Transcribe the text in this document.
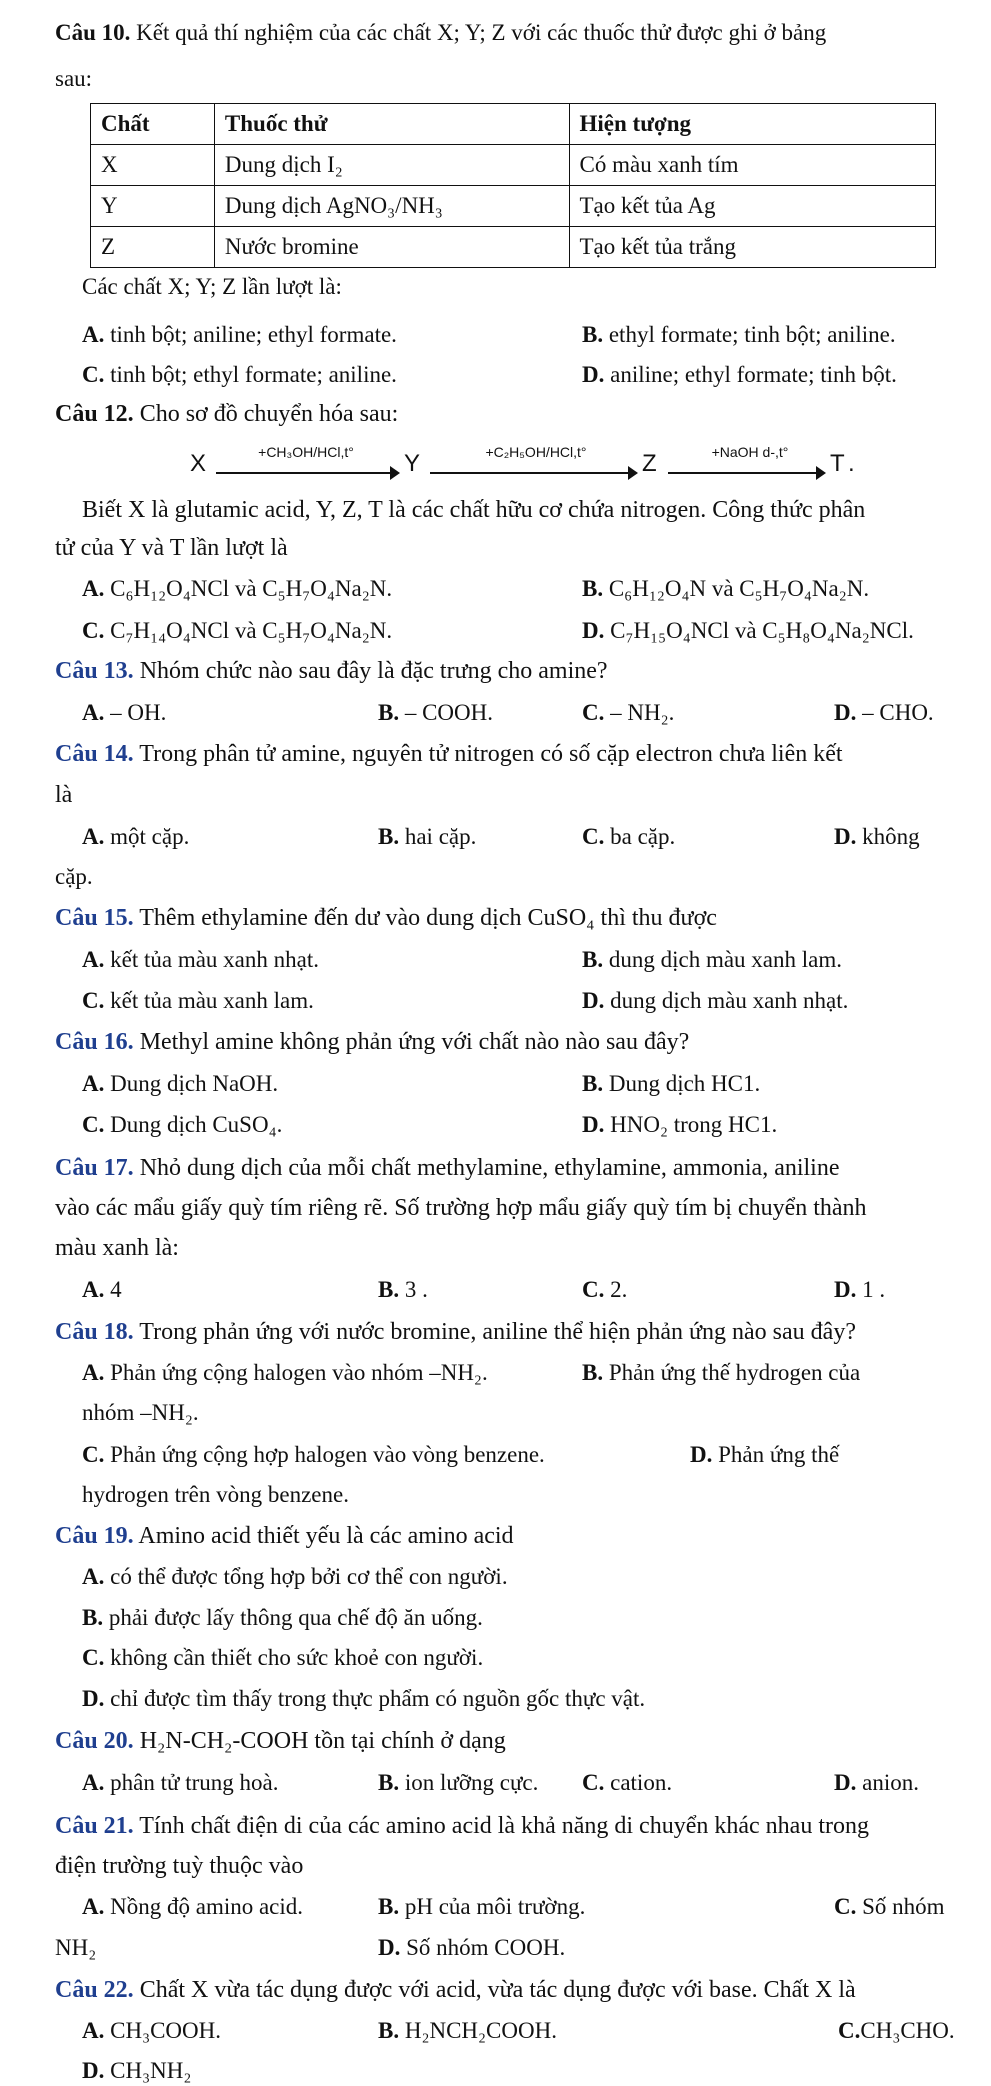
Câu 10. Kết quả thí nghiệm của các chất X; Y; Z với các thuốc thử được ghi ở bảng
sau:
Chất	Thuốc thử	Hiện tượng
X	Dung dịch I₂	Có màu xanh tím
Y	Dung dịch AgNO₃/NH₃	Tạo kết tủa Ag
Z	Nước bromine	Tạo kết tủa trắng
Các chất X; Y; Z lần lượt là:
A. tinh bột; aniline; ethyl formate.	B. ethyl formate; tinh bột; aniline.
C. tinh bột; ethyl formate; aniline.	D. aniline; ethyl formate; tinh bột.
Câu 12. Cho sơ đồ chuyển hóa sau:
X	+CH₃OH/HCl,t°	Y	+C₂H₅OH/HCl,t°	Z	+NaOH d-,t°	T .
Biết X là glutamic acid, Y, Z, T là các chất hữu cơ chứa nitrogen. Công thức phân
tử của Y và T lần lượt là
A. C₆H₁₂O₄NCl và C₅H₇O₄Na₂N.	B. C₆H₁₂O₄N và C₅H₇O₄Na₂N.
C. C₇H₁₄O₄NCl và C₅H₇O₄Na₂N.	D. C₇H₁₅O₄NCl và C₅H₈O₄Na₂NCl.
Câu 13. Nhóm chức nào sau đây là đặc trưng cho amine?
A. – OH.	B. – COOH.	C. – NH₂.	D. – CHO.
Câu 14. Trong phân tử amine, nguyên tử nitrogen có số cặp electron chưa liên kết
là
A. một cặp.	B. hai cặp.	C. ba cặp.	D. không
cặp.
Câu 15. Thêm ethylamine đến dư vào dung dịch CuSO₄ thì thu được
A. kết tủa màu xanh nhạt.	B. dung dịch màu xanh lam.
C. kết tủa màu xanh lam.	D. dung dịch màu xanh nhạt.
Câu 16. Methyl amine không phản ứng với chất nào nào sau đây?
A. Dung dịch NaOH.	B. Dung dịch HC1.
C. Dung dịch CuSO₄.	D. HNO₂ trong HC1.
Câu 17. Nhỏ dung dịch của mỗi chất methylamine, ethylamine, ammonia, aniline
vào các mẩu giấy quỳ tím riêng rẽ. Số trường hợp mẩu giấy quỳ tím bị chuyển thành
màu xanh là:
A. 4	B. 3 .	C. 2.	D. 1 .
Câu 18. Trong phản ứng với nước bromine, aniline thể hiện phản ứng nào sau đây?
A. Phản ứng cộng halogen vào nhóm –NH₂.	B. Phản ứng thế hydrogen của
nhóm –NH₂.
C. Phản ứng cộng hợp halogen vào vòng benzene.	D. Phản ứng thế
hydrogen trên vòng benzene.
Câu 19. Amino acid thiết yếu là các amino acid
A. có thể được tổng hợp bởi cơ thể con người.
B. phải được lấy thông qua chế độ ăn uống.
C. không cần thiết cho sức khoẻ con người.
D. chỉ được tìm thấy trong thực phẩm có nguồn gốc thực vật.
Câu 20. H₂N-CH₂-COOH tồn tại chính ở dạng
A. phân tử trung hoà.	B. ion lưỡng cực. C. cation.	D. anion.
Câu 21. Tính chất điện di của các amino acid là khả năng di chuyển khác nhau trong
điện trường tuỳ thuộc vào
A. Nồng độ amino acid.	B. pH của môi trường.	C. Số nhóm
NH₂	D. Số nhóm COOH.
Câu 22. Chất X vừa tác dụng được với acid, vừa tác dụng được với base. Chất X là
A. CH₃COOH.	B. H₂NCH₂COOH.	C.CH₃CHO.
D. CH₃NH₂
